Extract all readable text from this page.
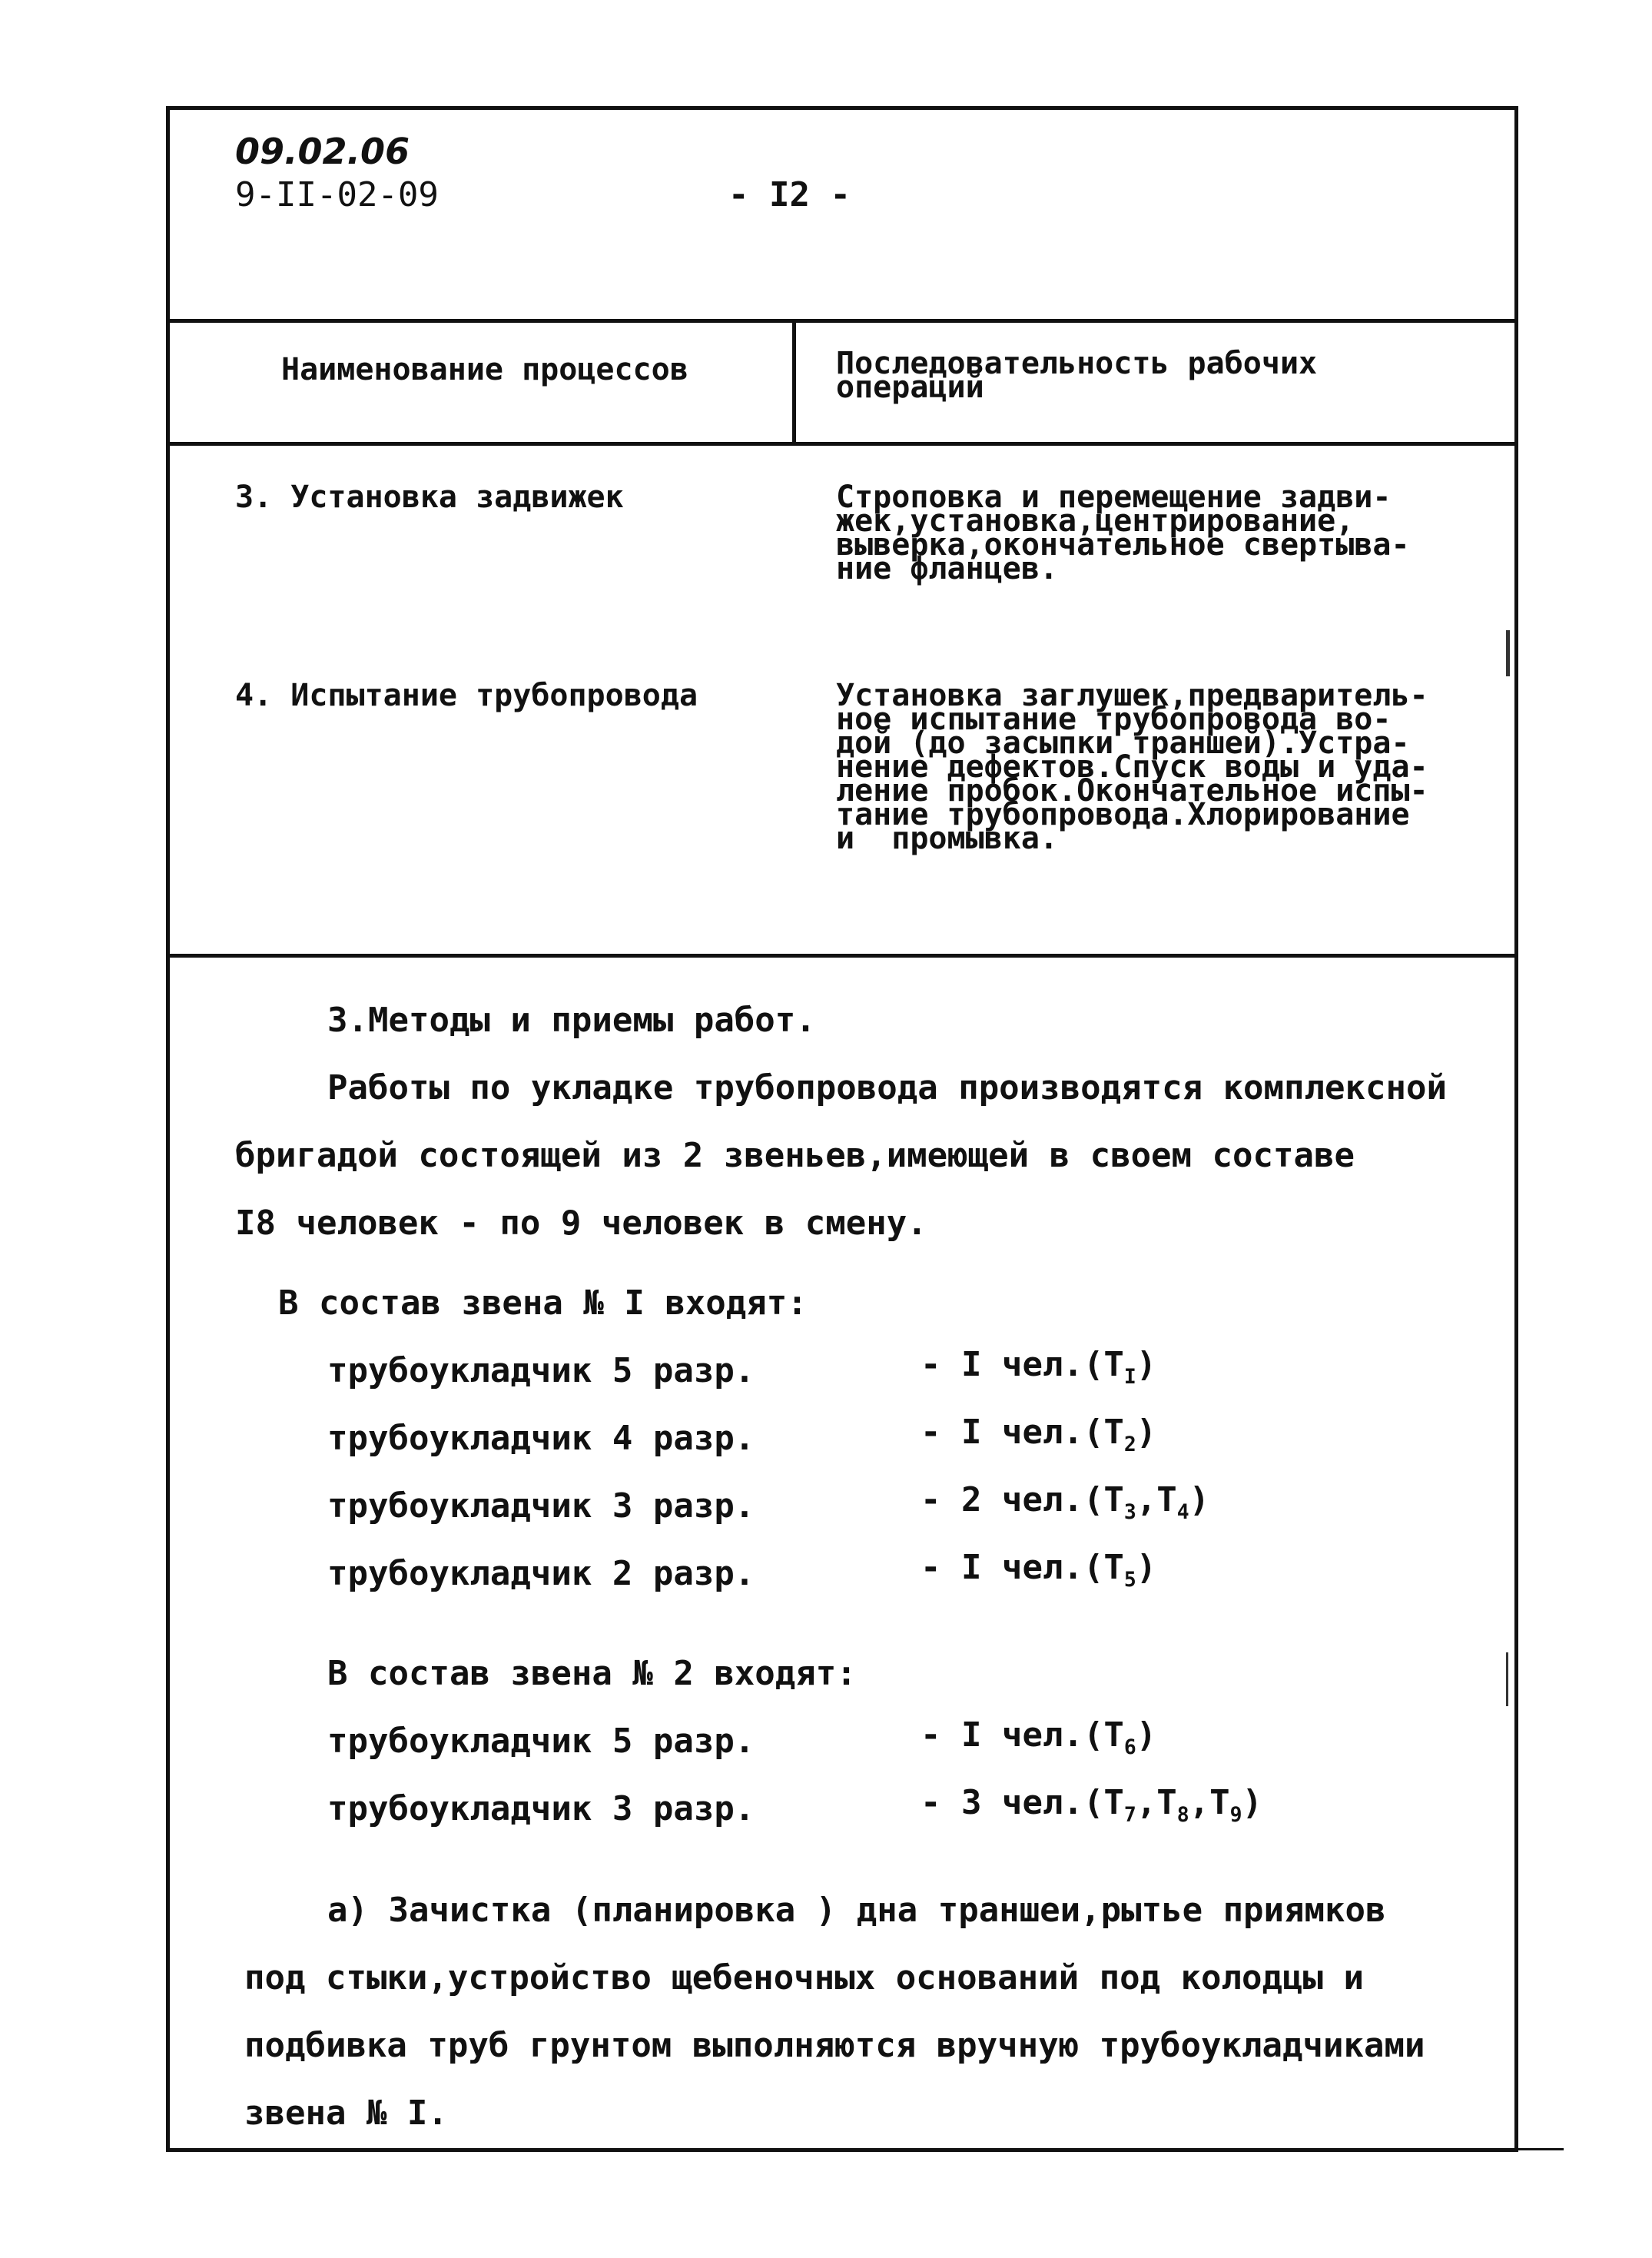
09.02.06
9-II-02-09	- I2 -
Наименование процессов	Последовательность рабочих
операций
3. Установка задвижек	Строповка и перемещение задви-
жек,установка,центрирование,
выверка,окончательное свертыва-
ние фланцев.
4. Испытание трубопровода	Установка заглушек,предваритель-
ное испытание трубопровода во-
дой (до засыпки траншей).Устра-
нение дефектов.Спуск воды и уда-
ление пробок.Окончательное испы-
тание трубопровода.Хлорирование
и  промывка.
3.Методы и приемы работ.
Работы по укладке трубопровода производятся комплексной
бригадой состоящей из 2 звеньев,имеющей в своем составе
I8 человек - по 9 человек в смену.
В состав звена № I входят:
трубоукладчик 5 разр.	- I $чел.(T_I)$
трубоукладчик 4 разр.	- I $чел.(T_2)$
трубоукладчик 3 разр.	- 2 $чел.(T_3,T_4)$
трубоукладчик 2 разр.	- I $чел.(T_5)$
В состав звена № 2 входят:
трубоукладчик 5 разр.	- I $чел.(T_6)$
трубоукладчик 3 разр.	- 3 $чел.(T_7,T_8,T_9)$
а) Зачистка (планировка ) дна траншеи,рытье приямков
под стыки,устройство щебеночных оснований под колодцы и
подбивка труб грунтом выполняются вручную трубоукладчиками
звена № I.
